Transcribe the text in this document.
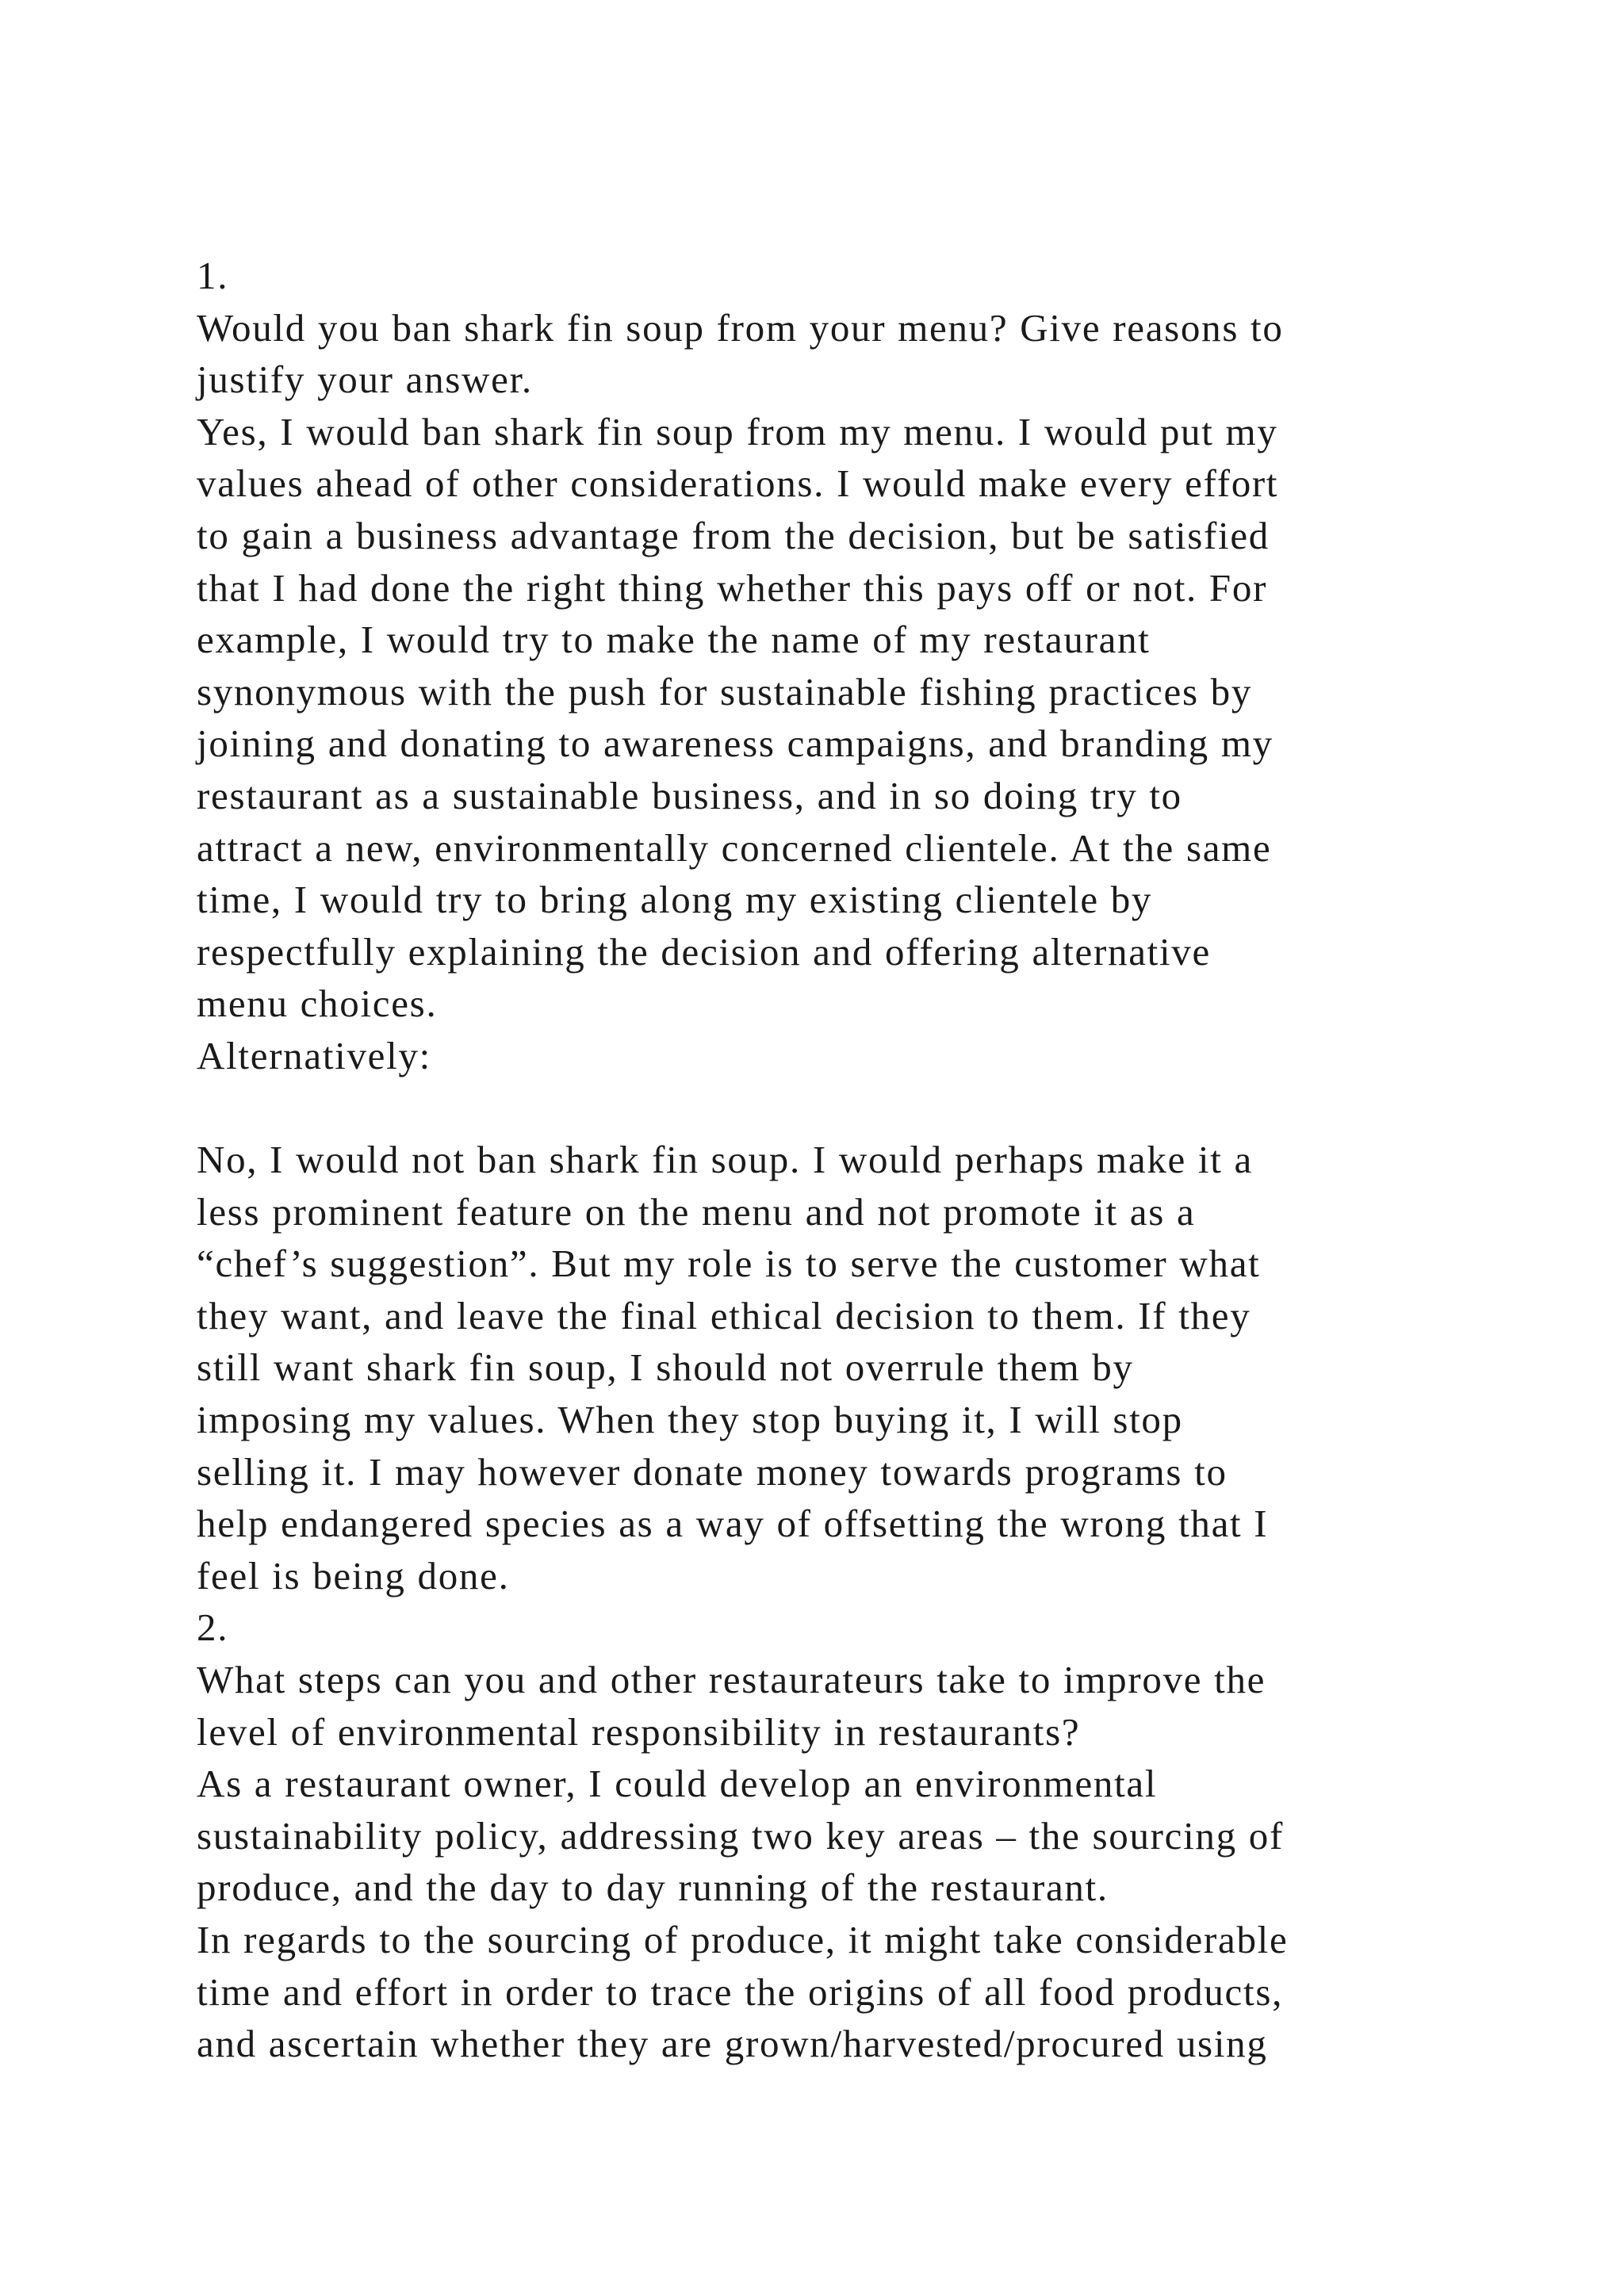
1.
Would you ban shark fin soup from your menu? Give reasons to
justify your answer.
Yes, I would ban shark fin soup from my menu. I would put my
values ahead of other considerations. I would make every effort
to gain a business advantage from the decision, but be satisfied
that I had done the right thing whether this pays off or not. For
example, I would try to make the name of my restaurant
synonymous with the push for sustainable fishing practices by
joining and donating to awareness campaigns, and branding my
restaurant as a sustainable business, and in so doing try to
attract a new, environmentally concerned clientele. At the same
time, I would try to bring along my existing clientele by
respectfully explaining the decision and offering alternative
menu choices.
Alternatively:
No, I would not ban shark fin soup. I would perhaps make it a
less prominent feature on the menu and not promote it as a
“chef’s suggestion”. But my role is to serve the customer what
they want, and leave the final ethical decision to them. If they
still want shark fin soup, I should not overrule them by
imposing my values. When they stop buying it, I will stop
selling it. I may however donate money towards programs to
help endangered species as a way of offsetting the wrong that I
feel is being done.
2.
What steps can you and other restaurateurs take to improve the
level of environmental responsibility in restaurants?
As a restaurant owner, I could develop an environmental
sustainability policy, addressing two key areas – the sourcing of
produce, and the day to day running of the restaurant.
In regards to the sourcing of produce, it might take considerable
time and effort in order to trace the origins of all food products,
and ascertain whether they are grown/harvested/procured using
